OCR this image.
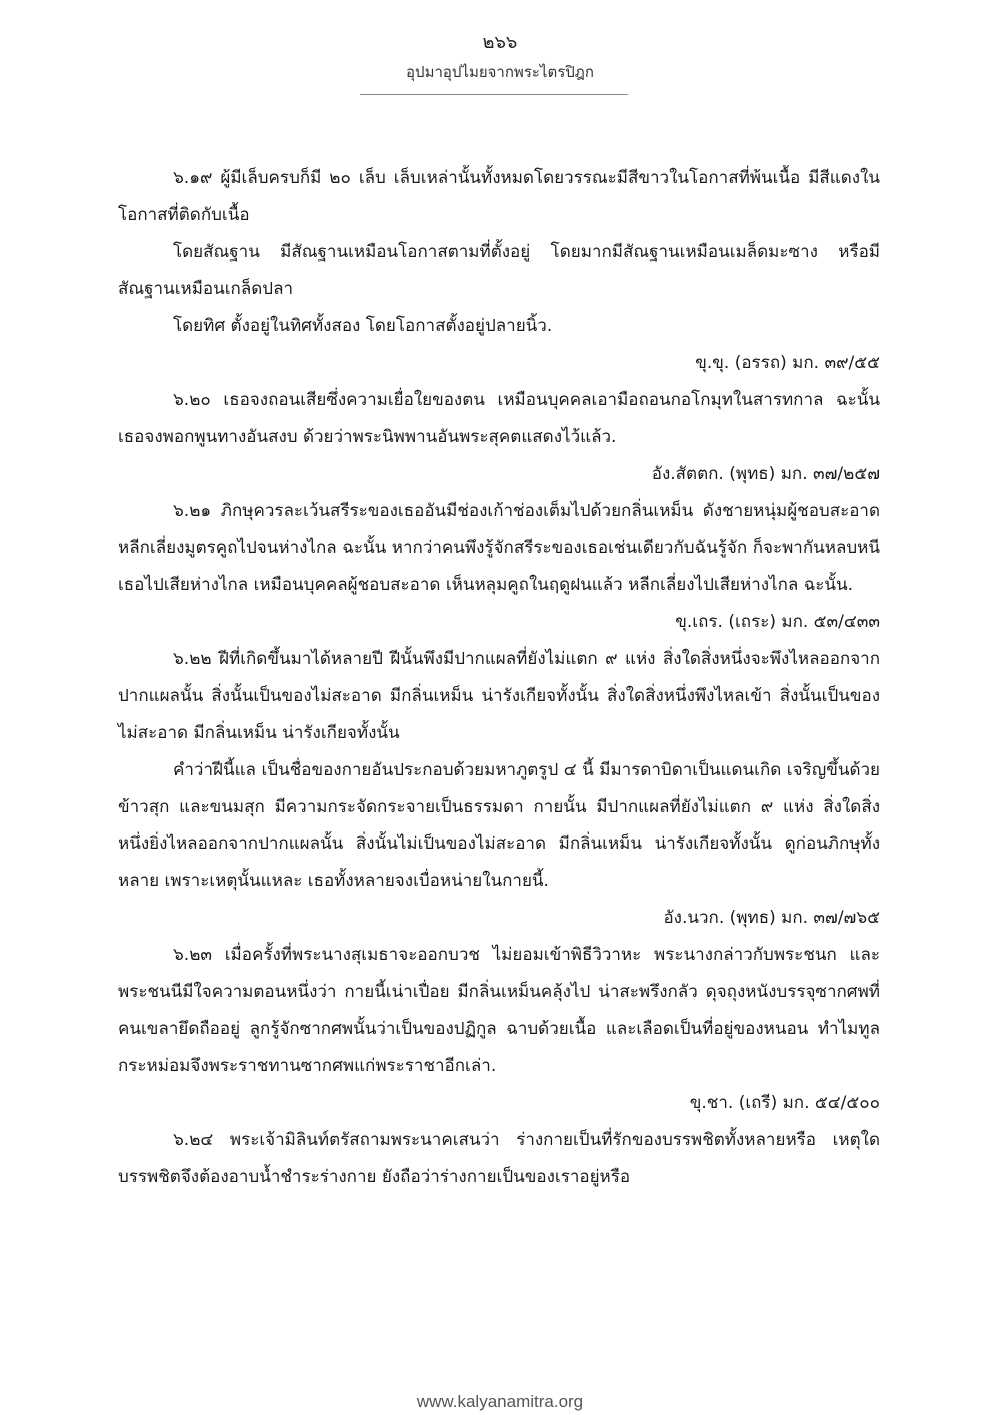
๒๖๖
อุปมาอุปไมยจากพระไตรปิฎก

๖.๑๙ ผู้มีเล็บครบก็มี ๒๐ เล็บ เล็บเหล่านั้นทั้งหมดโดยวรรณะมีสีขาวในโอกาสที่พ้นเนื้อ มีสีแดงในโอกาสที่ติดกับเนื้อ

โดยสัณฐาน มีสัณฐานเหมือนโอกาสตามที่ตั้งอยู่ โดยมากมีสัณฐานเหมือนเมล็ดมะซาง หรือมีสัณฐานเหมือนเกล็ดปลา

โดยทิศ ตั้งอยู่ในทิศทั้งสอง โดยโอกาสตั้งอยู่ปลายนิ้ว.

ขุ.ขุ. (อรรถ) มก. ๓๙/๕๕

๖.๒๐ เธอจงถอนเสียซึ่งความเยื่อใยของตน เหมือนบุคคลเอามือถอนกอโกมุทในสารทกาล ฉะนั้น เธอจงพอกพูนทางอันสงบ ด้วยว่าพระนิพพานอันพระสุคตแสดงไว้แล้ว.

อัง.สัตตก. (พุทธ) มก. ๓๗/๒๕๗

๖.๒๑ ภิกษุควรละเว้นสรีระของเธออันมีช่องเก้าช่องเต็มไปด้วยกลิ่นเหม็น ดังชายหนุ่มผู้ชอบสะอาด หลีกเลี่ยงมูตรคูถไปจนห่างไกล ฉะนั้น หากว่าคนพึงรู้จักสรีระของเธอเช่นเดียวกับฉันรู้จัก ก็จะพากันหลบหนีเธอไปเสียห่างไกล เหมือนบุคคลผู้ชอบสะอาด เห็นหลุมคูถในฤดูฝนแล้ว หลีกเลี่ยงไปเสียห่างไกล ฉะนั้น.

ขุ.เถร. (เถระ) มก. ๕๓/๔๓๓

๖.๒๒ ฝีที่เกิดขึ้นมาได้หลายปี ฝีนั้นพึงมีปากแผลที่ยังไม่แตก ๙ แห่ง สิ่งใดสิ่งหนึ่งจะพึงไหลออกจากปากแผลนั้น สิ่งนั้นเป็นของไม่สะอาด มีกลิ่นเหม็น น่ารังเกียจทั้งนั้น สิ่งใดสิ่งหนึ่งพึงไหลเข้า สิ่งนั้นเป็นของไม่สะอาด มีกลิ่นเหม็น น่ารังเกียจทั้งนั้น

คำว่าฝีนี้แล เป็นชื่อของกายอันประกอบด้วยมหาภูตรูป ๔ นี้ มีมารดาบิดาเป็นแดนเกิด เจริญขึ้นด้วยข้าวสุก และขนมสุก มีความกระจัดกระจายเป็นธรรมดา กายนั้น มีปากแผลที่ยังไม่แตก ๙ แห่ง สิ่งใดสิ่งหนึ่งยิ่งไหลออกจากปากแผลนั้น สิ่งนั้นไม่เป็นของไม่สะอาด มีกลิ่นเหม็น น่ารังเกียจทั้งนั้น ดูก่อนภิกษุทั้งหลาย เพราะเหตุนั้นแหละ เธอทั้งหลายจงเบื่อหน่ายในกายนี้.

อัง.นวก. (พุทธ) มก. ๓๗/๗๖๕

๖.๒๓ เมื่อครั้งที่พระนางสุเมธาจะออกบวช ไม่ยอมเข้าพิธีวิวาหะ พระนางกล่าวกับพระชนก และพระชนนีมีใจความตอนหนึ่งว่า กายนี้เน่าเปื่อย มีกลิ่นเหม็นคลุ้งไป น่าสะพรึงกลัว ดุจถุงหนังบรรจุซากศพที่คนเขลายึดถืออยู่ ลูกรู้จักซากศพนั้นว่าเป็นของปฏิกูล ฉาบด้วยเนื้อ และเลือดเป็นที่อยู่ของหนอน ทำไมทูลกระหม่อมจึงพระราชทานซากศพแก่พระราชาอีกเล่า.

ขุ.ชา. (เถรี) มก. ๕๔/๕๐๐

๖.๒๔ พระเจ้ามิลินท์ตรัสถามพระนาคเสนว่า ร่างกายเป็นที่รักของบรรพชิตทั้งหลายหรือ เหตุใดบรรพชิตจึงต้องอาบน้ำชำระร่างกาย ยังถือว่าร่างกายเป็นของเราอยู่หรือ

www.kalyanamitra.org
